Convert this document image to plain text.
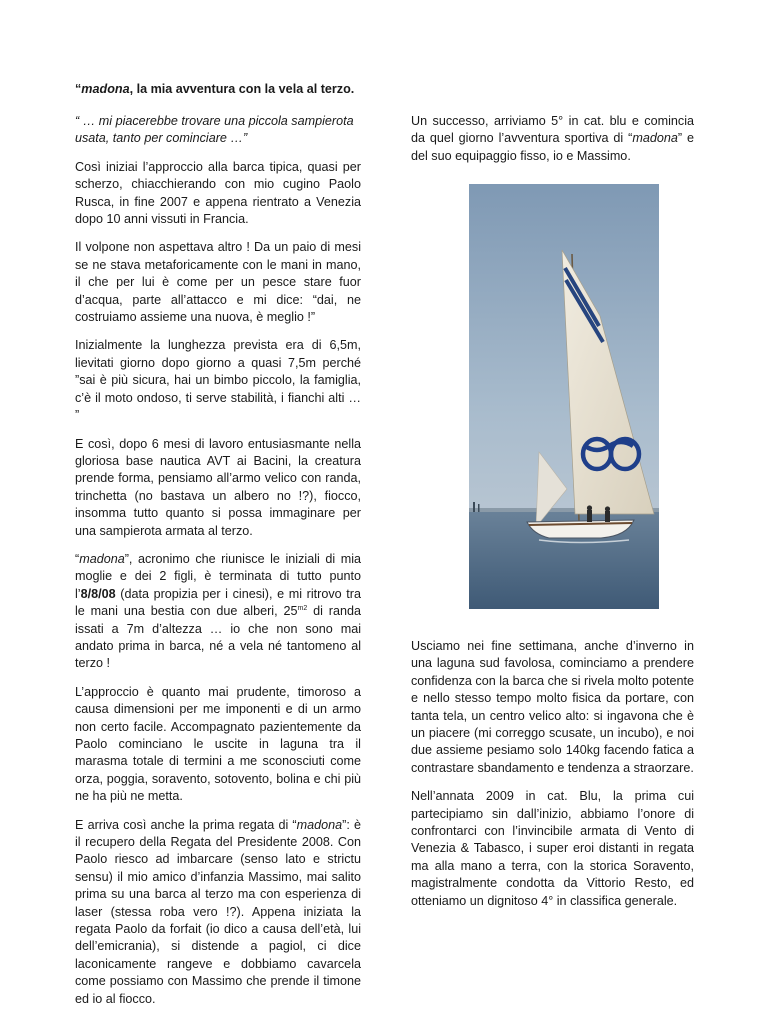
“madona, la mia avventura con la vela al terzo.

“ … mi piacerebbe trovare una piccola sampierota usata, tanto per cominciare …”

Così iniziai l’approccio alla barca tipica, quasi per scherzo, chiacchierando con mio cugino Paolo Rusca, in fine 2007 e appena rientrato a Venezia dopo 10 anni vissuti in Francia.

Il volpone non aspettava altro ! Da un paio di mesi se ne stava metaforicamente con le mani in mano, il che per lui è come per un pesce stare fuor d’acqua, parte all’attacco e mi dice: “dai, ne costruiamo assieme una nuova, è meglio !”

Inizialmente la lunghezza prevista era di 6,5m, lievitati giorno dopo giorno a quasi 7,5m perché ”sai è più sicura, hai un bimbo piccolo, la famiglia, c’è il moto ondoso, ti serve stabilità, i fianchi alti … ”

E così, dopo 6 mesi di lavoro entusiasmante nella gloriosa base nautica AVT ai Bacini, la creatura prende forma, pensiamo all’armo velico con randa, trinchetta (no bastava un albero no !?), fiocco, insomma tutto quanto si possa immaginare per una sampierota armata al terzo.

“madona”, acronimo che riunisce le iniziali di mia moglie e dei 2 figli, è terminata di tutto punto l’8/8/08 (data propizia per i cinesi), e mi ritrovo tra le mani una bestia con due alberi, $25^{m2}$ di randa issati a 7m d’altezza … io che non sono mai andato prima in barca, né a vela né tantomeno al terzo !

L’approccio è quanto mai prudente, timoroso a causa dimensioni per me imponenti e di un armo non certo facile. Accompagnato pazientemente da Paolo cominciano le uscite in laguna tra il marasma totale di termini a me sconosciuti come orza, poggia, soravento, sotovento, bolina e chi più ne ha più ne metta.

E arriva così anche la prima regata di “madona”: è il recupero della Regata del Presidente 2008. Con Paolo riesco ad imbarcare (senso lato e strictu sensu) il mio amico d’infanzia Massimo, mai salito prima su una barca al terzo ma con esperienza di laser (stessa roba vero !?). Appena iniziata la regata Paolo da forfait (io dico a causa dell’età, lui dell’emicrania), si distende a pagiol, ci dice laconicamente rangeve e dobbiamo cavarcela come possiamo con Massimo che prende il timone ed io al fiocco.

Un successo, arriviamo 5° in cat. blu e comincia da quel giorno l’avventura sportiva di “madona” e del suo equipaggio fisso, io e Massimo.

Usciamo nei fine settimana, anche d’inverno in una laguna sud favolosa, cominciamo a prendere confidenza con la barca che si rivela molto potente e nello stesso tempo molto fisica da portare, con tanta tela, un centro velico alto: si ingavona che è un piacere (mi correggo scusate, un incubo), e noi due assieme pesiamo solo 140kg facendo fatica a contrastare sbandamento e tendenza a straorzare.

Nell’annata 2009 in cat. Blu, la prima cui partecipiamo sin dall’inizio, abbiamo l’onore di confrontarci con l’invincibile armata di Vento di Venezia & Tabasco, i super eroi distanti in regata ma alla mano a terra, con la storica Soravento, magistralmente condotta da Vittorio Resto, ed otteniamo un dignitoso 4° in classifica generale.
